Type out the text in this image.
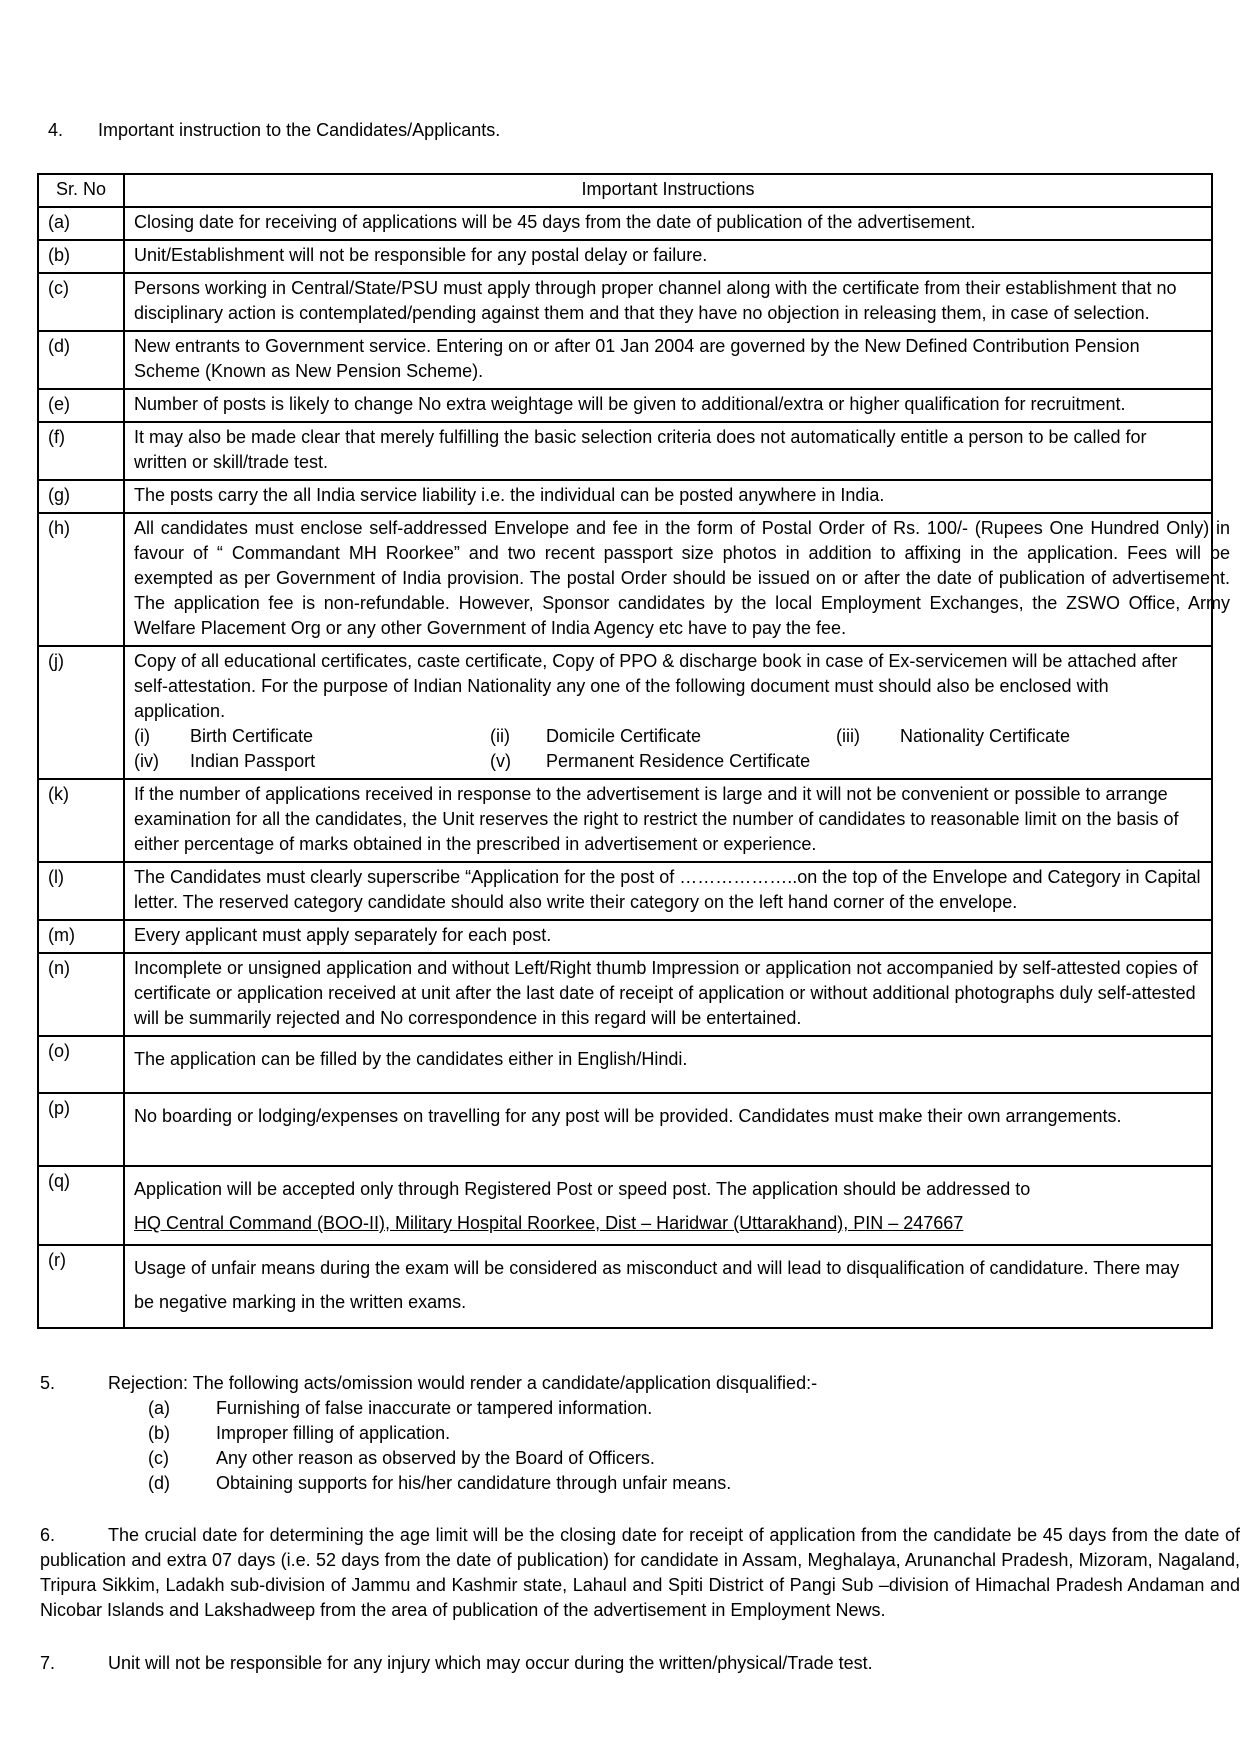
4. Important instruction to the Candidates/Applicants.
Sr. No	Important Instructions
(a)	Closing date for receiving of applications will be 45 days from the date of publication of the advertisement.

(b)	Unit/Establishment will not be responsible for any postal delay or failure.

(c)	Persons working in Central/State/PSU must apply through proper channel along with the certificate from their establishment that no disciplinary action is contemplated/pending against them and that they have no objection in releasing them, in case of selection.

(d)	New entrants to Government service. Entering on or after 01 Jan 2004 are governed by the New Defined Contribution Pension Scheme (Known as New Pension Scheme).

(e)	Number of posts is likely to change No extra weightage will be given to additional/extra or higher qualification for recruitment.

(f)	It may also be made clear that merely fulfilling the basic selection criteria does not automatically entitle a person to be called for written or skill/trade test.

(g)	The posts carry the all India service liability i.e. the individual can be posted anywhere in India.

(h)	All candidates must enclose self-addressed Envelope and fee in the form of Postal Order of Rs. 100/- (Rupees One Hundred Only) in favour of “ Commandant MH Roorkee” and two recent passport size photos in addition to affixing in the application. Fees will be exempted as per Government of India provision. The postal Order should be issued on or after the date of publication of advertisement. The application fee is non-refundable. However, Sponsor candidates by the local Employment Exchanges, the ZSWO Office, Army Welfare Placement Org or any other Government of India Agency etc have to pay the fee.

(j)	Copy of all educational certificates, caste certificate, Copy of PPO & discharge book in case of Ex-servicemen will be attached after self-attestation. For the purpose of Indian Nationality any one of the following document must should also be enclosed with application.
(i)	Birth Certificate	(ii)	Domicile Certificate	(iii)	Nationality Certificate
(iv)	Indian Passport	(v)	Permanent Residence Certificate

(k)	If the number of applications received in response to the advertisement is large and it will not be convenient or possible to arrange examination for all the candidates, the Unit reserves the right to restrict the number of candidates to reasonable limit on the basis of either percentage of marks obtained in the prescribed in advertisement or experience.

(l)	The Candidates must clearly superscribe “Application for the post of ………………..on the top of the Envelope and Category in Capital letter. The reserved category candidate should also write their category on the left hand corner of the envelope.

(m)	Every applicant must apply separately for each post.

(n)	Incomplete or unsigned application and without Left/Right thumb Impression or application not accompanied by self-attested copies of certificate or application received at unit after the last date of receipt of application or without additional photographs duly self-attested will be summarily rejected and No correspondence in this regard will be entertained.

(o)	The application can be filled by the candidates either in English/Hindi.

(p)	No boarding or lodging/expenses on travelling for any post will be provided. Candidates must make their own arrangements.

(q)	Application will be accepted only through Registered Post or speed post. The application should be addressed to
HQ Central Command (BOO-II), Military Hospital Roorkee, Dist – Haridwar (Uttarakhand), PIN – 247667

(r)	Usage of unfair means during the exam will be considered as misconduct and will lead to disqualification of candidature. There may be negative marking in the written exams.
5.	Rejection: The following acts/omission would render a candidate/application disqualified:-
(a)	Furnishing of false inaccurate or tampered information.
(b)	Improper filling of application.
(c)	Any other reason as observed by the Board of Officers.
(d)	Obtaining supports for his/her candidature through unfair means.
6.	The crucial date for determining the age limit will be the closing date for receipt of application from the candidate be 45 days from the date of publication and extra 07 days (i.e. 52 days from the date of publication) for candidate in Assam, Meghalaya, Arunanchal Pradesh, Mizoram, Nagaland, Tripura Sikkim, Ladakh sub-division of Jammu and Kashmir state, Lahaul and Spiti District of Pangi Sub –division of Himachal Pradesh Andaman and Nicobar Islands and Lakshadweep from the area of publication of the advertisement in Employment News.
7.	Unit will not be responsible for any injury which may occur during the written/physical/Trade test.
